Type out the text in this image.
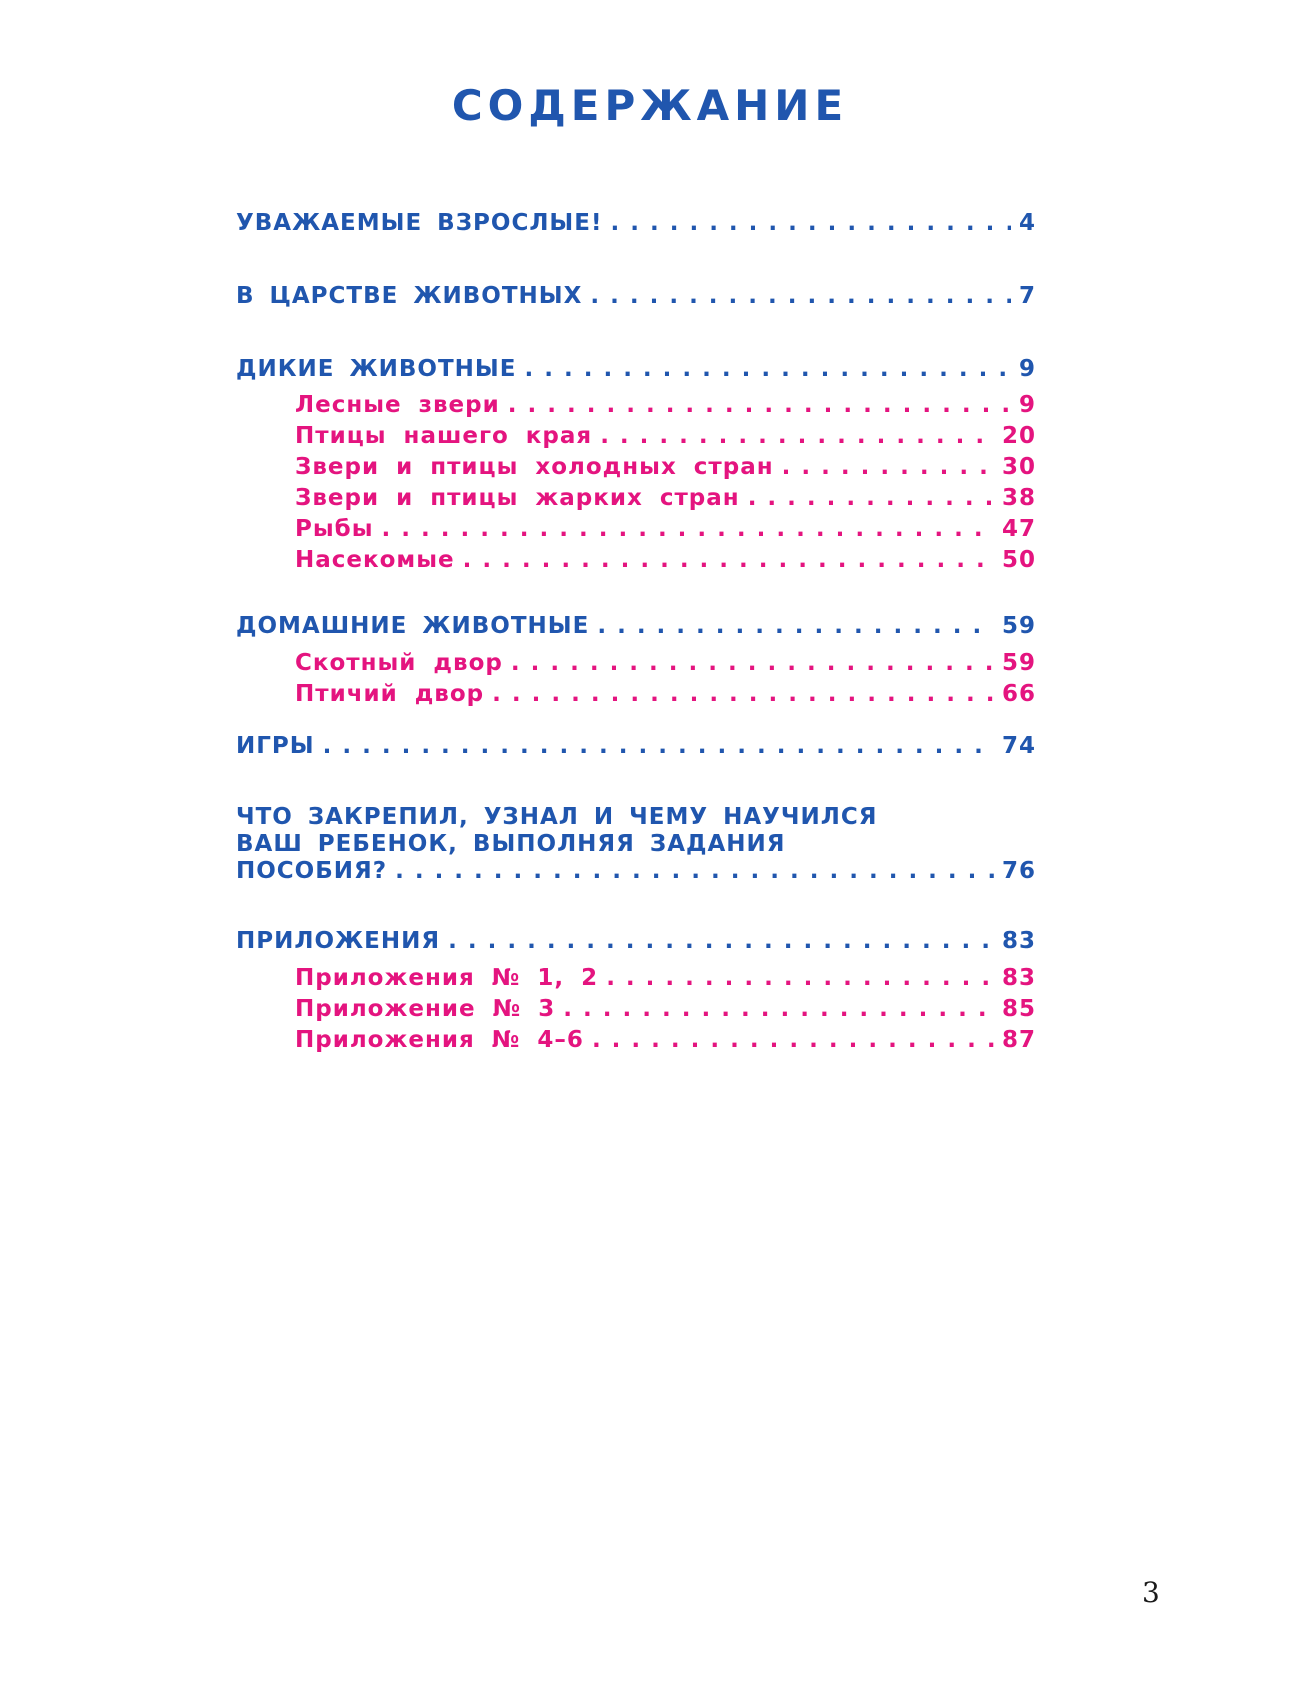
СОДЕРЖАНИЕ
УВАЖАЕМЫЕ ВЗРОСЛЫЕ! . . .	4
В ЦАРСТВЕ ЖИВОТНЫХ . . .	7
ДИКИЕ ЖИВОТНЫЕ . . .	9
Лесные звери . . .	9
Птицы нашего края . . .	20
Звери и птицы холодных стран . . .	30
Звери и птицы жарких стран . . .	38
Рыбы . . .	47
Насекомые . . .	50
ДОМАШНИЕ ЖИВОТНЫЕ . . .	59
Скотный двор . . .	59
Птичий двор . . .	66
ИГРЫ . . .	74
ЧТО ЗАКРЕПИЛ, УЗНАЛ И ЧЕМУ НАУЧИЛСЯ
ВАШ РЕБЕНОК, ВЫПОЛНЯЯ ЗАДАНИЯ
ПОСОБИЯ? . . .	76
ПРИЛОЖЕНИЯ . . .	83
Приложения № 1, 2 . . .	83
Приложение № 3 . . .	85
Приложения № 4–6 . . .	87
3
